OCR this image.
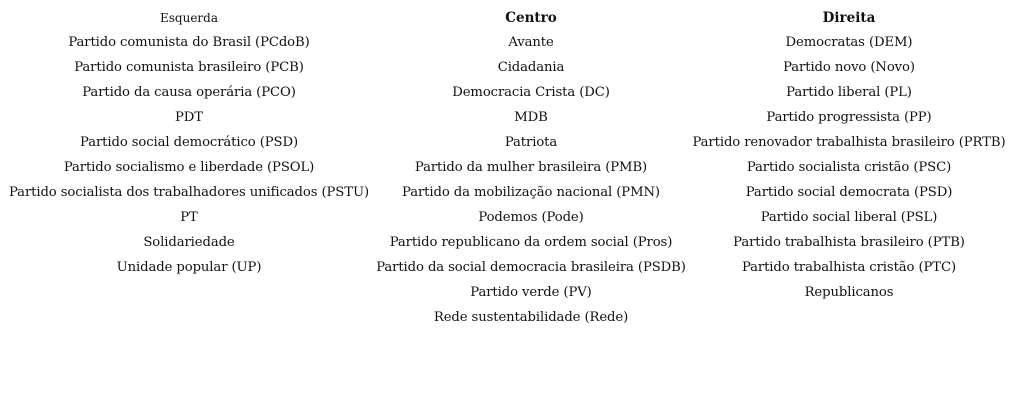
Esquerda
Partido comunista do Brasil (PCdoB)
Partido comunista brasileiro (PCB)
Partido da causa operária (PCO)
PDT
Partido social democrático (PSD)
Partido socialismo e liberdade (PSOL)
Partido socialista dos trabalhadores unificados (PSTU)
PT
Solidariedade
Unidade popular (UP)
Centro
Avante
Cidadania
Democracia Crista (DC)
MDB
Patriota
Partido da mulher brasileira (PMB)
Partido da mobilização nacional (PMN)
Podemos (Pode)
Partido republicano da ordem social (Pros)
Partido da social democracia brasileira (PSDB)
Partido verde (PV)
Rede sustentabilidade (Rede)
Direita
Democratas (DEM)
Partido novo (Novo)
Partido liberal (PL)
Partido progressista (PP)
Partido renovador trabalhista brasileiro (PRTB)
Partido socialista cristão (PSC)
Partido social democrata (PSD)
Partido social liberal (PSL)
Partido trabalhista brasileiro (PTB)
Partido trabalhista cristão (PTC)
Republicanos
